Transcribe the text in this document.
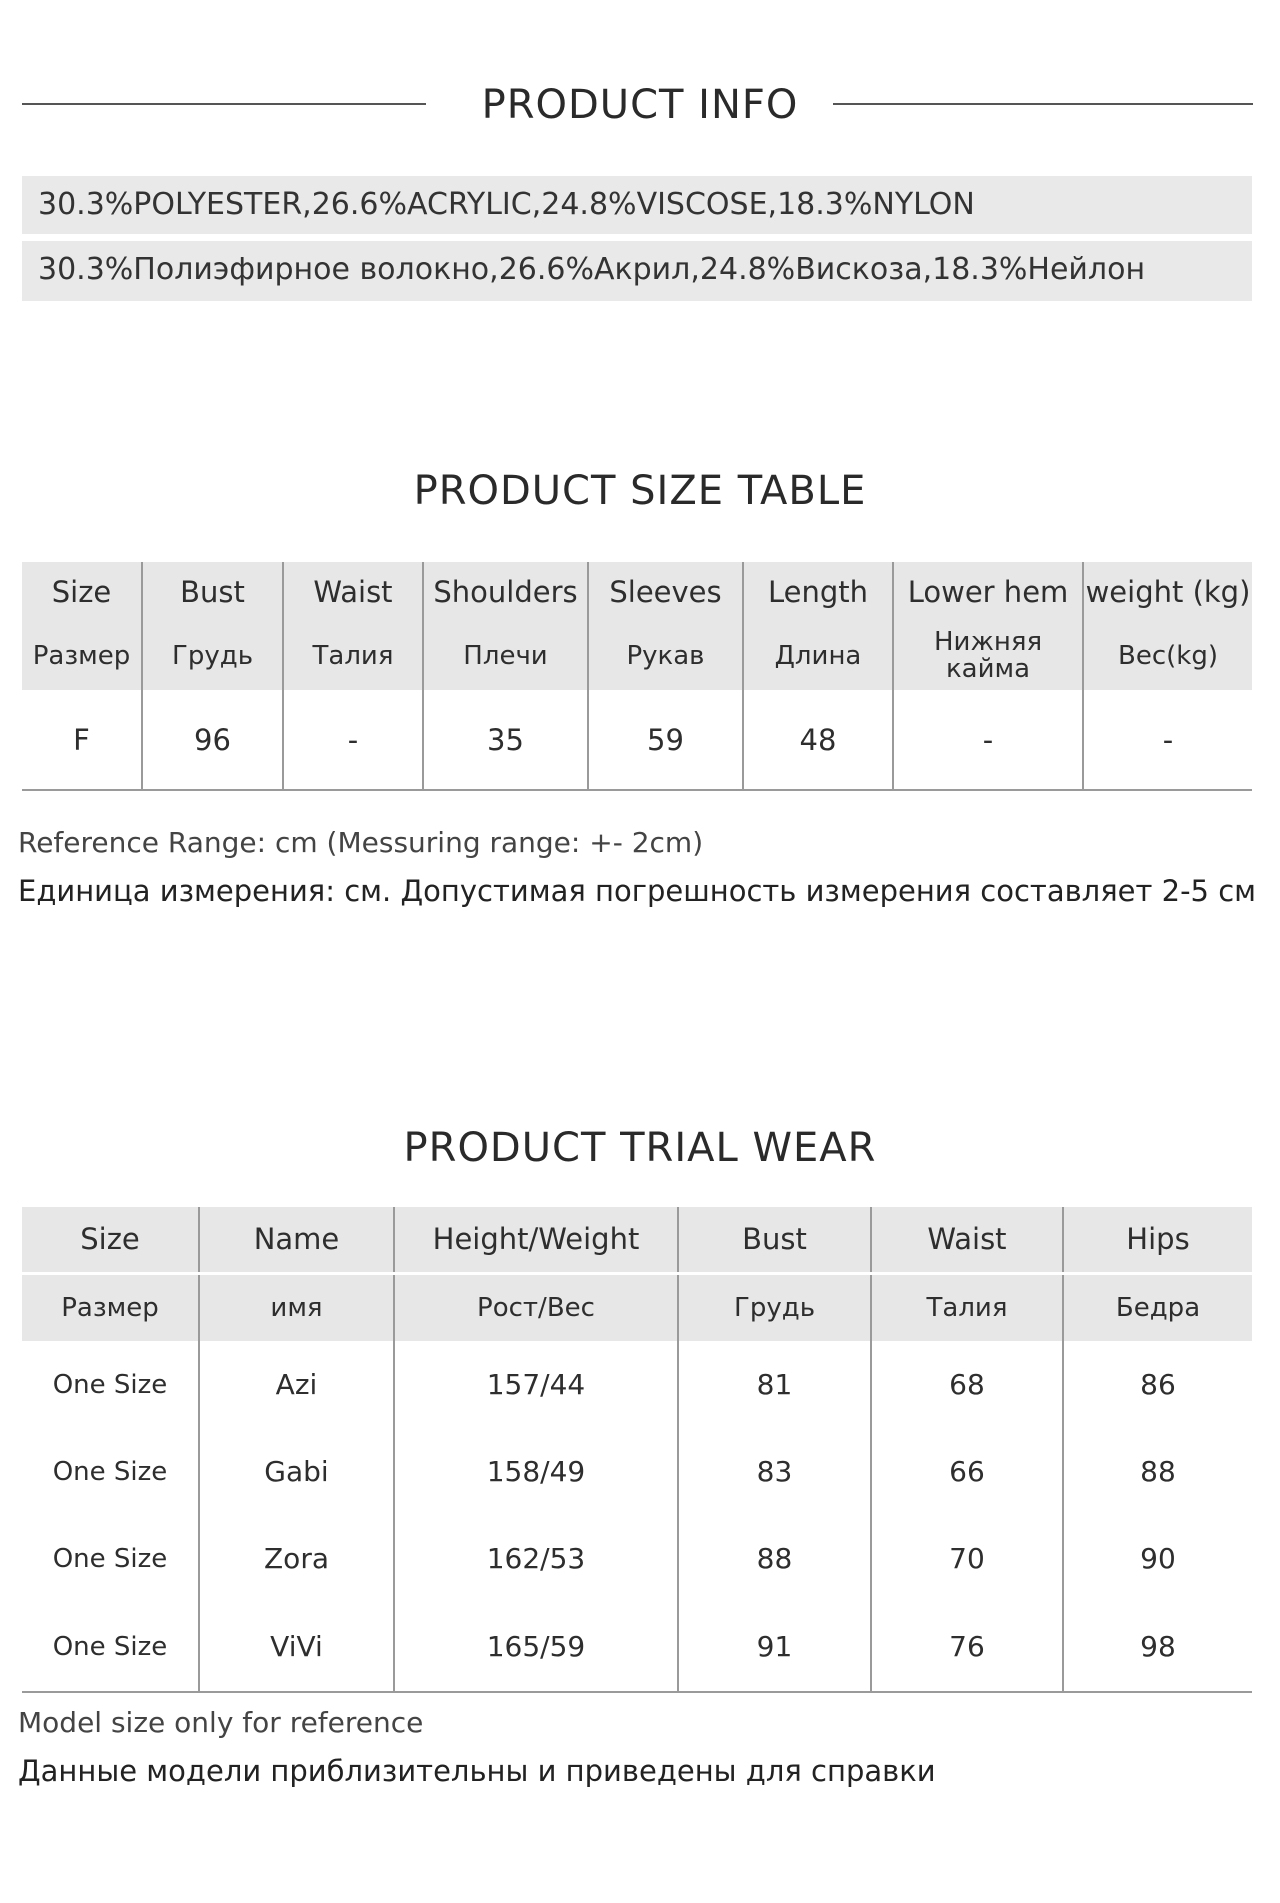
PRODUCT INFO
30.3%POLYESTER,26.6%ACRYLIC,24.8%VISCOSE,18.3%NYLON
30.3%Полиэфирное волокно,26.6%Акрил,24.8%Вискоза,18.3%Нейлон
PRODUCT SIZE TABLE
Size	Bust	Waist	Shoulders	Sleeves	Length	Lower hem	weight (kg)
Размер	Грудь	Талия	Плечи	Рукав	Длина	Нижняя кайма	Вес(kg)
F	96	-	35	59	48	-	-
Reference Range: cm (Messuring range: +- 2cm)
Единица измерения: см. Допустимая погрешность измерения составляет 2-5 см
PRODUCT TRIAL WEAR
Size	Name	Height/Weight	Bust	Waist	Hips
Размер	имя	Рост/Вес	Грудь	Талия	Бедра
One Size	Azi	157/44	81	68	86
One Size	Gabi	158/49	83	66	88
One Size	Zora	162/53	88	70	90
One Size	ViVi	165/59	91	76	98
Model size only for reference
Данные модели приблизительны и приведены для справки
